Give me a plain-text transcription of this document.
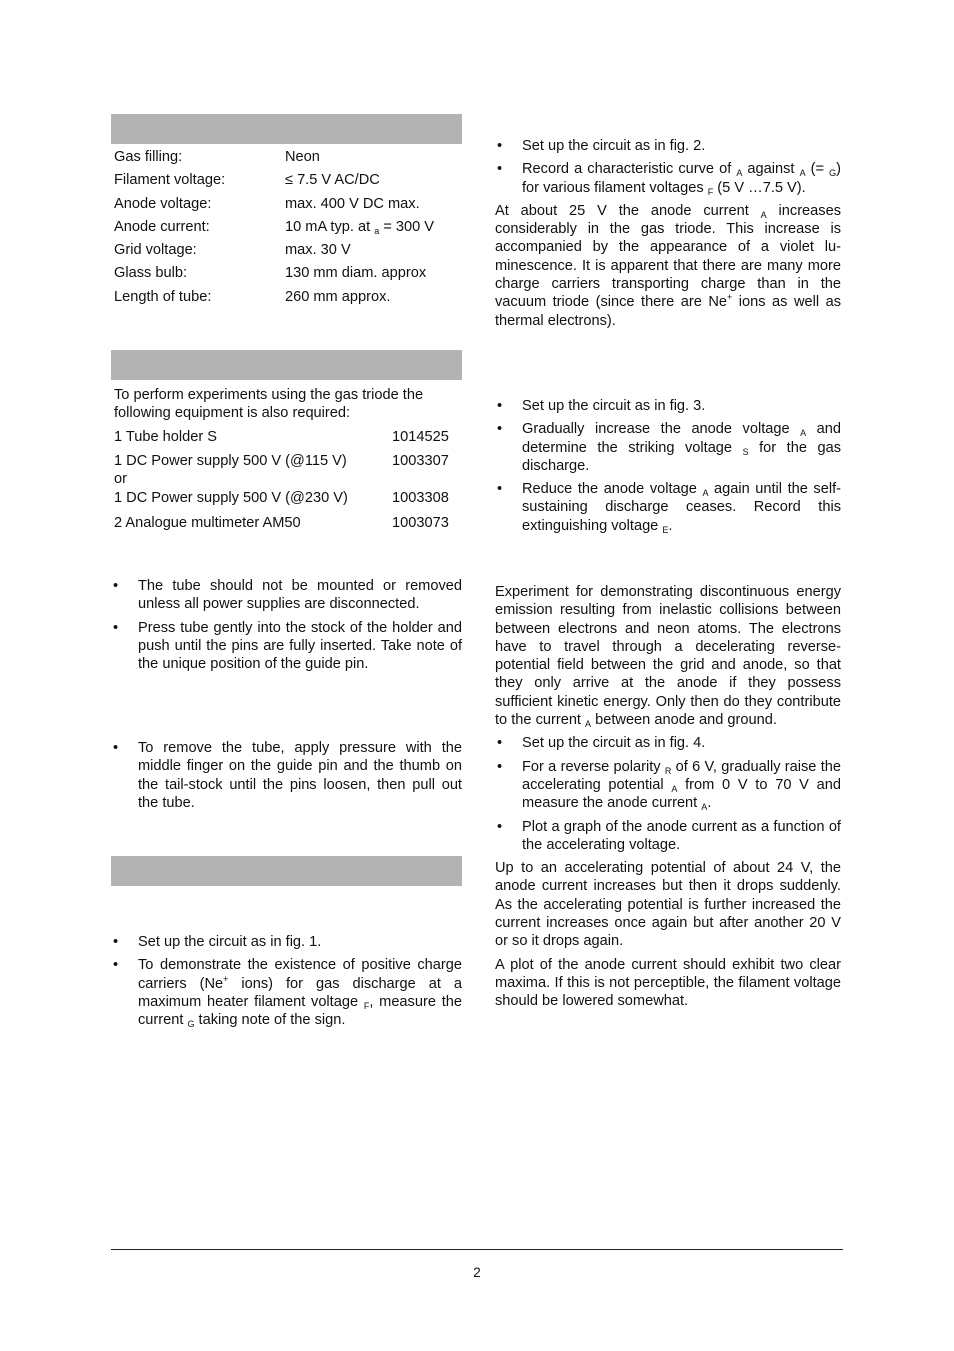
Gas filling:	Neon
Filament voltage:	≤ 7.5 V AC/DC
Anode voltage:	max. 400 V DC max.
Anode current:	10 mA typ. at $_a$ = 300 V
Grid voltage:	max. 30 V
Glass bulb:	130 mm diam. approx
Length of tube:	260 mm approx.
To perform experiments using the gas triode the following equipment is also required:
1 Tube holder S	1014525
1 DC Power supply 500 V (@115 V)	1003307
or
1 DC Power supply 500 V (@230 V)	1003308
2 Analogue multimeter AM50	1003073
• The tube should not be mounted or removed unless all power supplies are disconnected.
• Press tube gently into the stock of the holder and push until the pins are fully inserted. Take note of the unique position of the guide pin.
• To remove the tube, apply pressure with the middle finger on the guide pin and the thumb on the tail-stock until the pins loosen, then pull out the tube.
• Set up the circuit as in fig. 1.
• To demonstrate the existence of positive charge carriers (Ne+ ions) for gas discharge at a maximum heater filament voltage $_F$, measure the current $_G$ taking note of the sign.
• Set up the circuit as in fig. 2.
• Record a characteristic curve of $_A$ against $_A$ (= $_G$) for various filament voltages $_F$ (5 V …7.5 V).

At about 25 V the anode current $_A$ increases considerably in the gas triode. This increase is accompanied by the appearance of a violet luminescence. It is apparent that there are many more charge carriers transporting charge than in the vacuum triode (since there are Ne+ ions as well as thermal electrons).

• Set up the circuit as in fig. 3.
• Gradually increase the anode voltage $_A$ and determine the striking voltage $_S$ for the gas discharge.
• Reduce the anode voltage $_A$ again until the self-sustaining discharge ceases. Record this extinguishing voltage $_E$.

Experiment for demonstrating discontinuous energy emission resulting from inelastic collisions between between electrons and neon atoms. The electrons have to travel through a decelerating reverse-potential field between the grid and anode, so that they only arrive at the anode if they possess sufficient kinetic energy. Only then do they contribute to the current $_A$ between anode and ground.

• Set up the circuit as in fig. 4.
• For a reverse polarity $_R$ of 6 V, gradually raise the accelerating potential $_A$ from 0 V to 70 V and measure the anode current $_A$.
• Plot a graph of the anode current as a function of the accelerating voltage.

Up to an accelerating potential of about 24 V, the anode current increases but then it drops suddenly. As the accelerating potential is further increased the current increases once again but after another 20 V or so it drops again.

A plot of the anode current should exhibit two clear maxima. If this is not perceptible, the filament voltage should be lowered somewhat.

2
